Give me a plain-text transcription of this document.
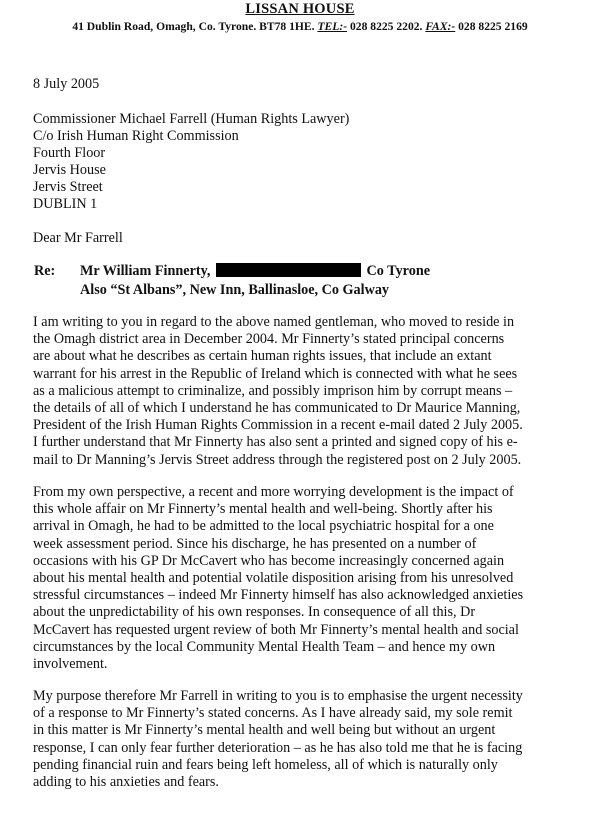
LISSAN HOUSE
41 Dublin Road, Omagh, Co. Tyrone. BT78 1HE. TEL:- 028 8225 2202. FAX:- 028 8225 2169
8 July 2005
Commissioner Michael Farrell (Human Rights Lawyer)
C/o Irish Human Right Commission
Fourth Floor
Jervis House
Jervis Street
DUBLIN 1
Dear Mr Farrell
Re: Mr William Finnerty,	Co Tyrone
Also “St Albans”, New Inn, Ballinasloe, Co Galway
I am writing to you in regard to the above named gentleman, who moved to reside in
the Omagh district area in December 2004. Mr Finnerty’s stated principal concerns
are about what he describes as certain human rights issues, that include an extant
warrant for his arrest in the Republic of Ireland which is connected with what he sees
as a malicious attempt to criminalize, and possibly imprison him by corrupt means –
the details of all of which I understand he has communicated to Dr Maurice Manning,
President of the Irish Human Rights Commission in a recent e-mail dated 2 July 2005.
I further understand that Mr Finnerty has also sent a printed and signed copy of his e-
mail to Dr Manning’s Jervis Street address through the registered post on 2 July 2005.
From my own perspective, a recent and more worrying development is the impact of
this whole affair on Mr Finnerty’s mental health and well-being. Shortly after his
arrival in Omagh, he had to be admitted to the local psychiatric hospital for a one
week assessment period. Since his discharge, he has presented on a number of
occasions with his GP Dr McCavert who has become increasingly concerned again
about his mental health and potential volatile disposition arising from his unresolved
stressful circumstances – indeed Mr Finnerty himself has also acknowledged anxieties
about the unpredictability of his own responses. In consequence of all this, Dr
McCavert has requested urgent review of both Mr Finnerty’s mental health and social
circumstances by the local Community Mental Health Team – and hence my own
involvement.
My purpose therefore Mr Farrell in writing to you is to emphasise the urgent necessity
of a response to Mr Finnerty’s stated concerns. As I have already said, my sole remit
in this matter is Mr Finnerty’s mental health and well being but without an urgent
response, I can only fear further deterioration – as he has also told me that he is facing
pending financial ruin and fears being left homeless, all of which is naturally only
adding to his anxieties and fears.
